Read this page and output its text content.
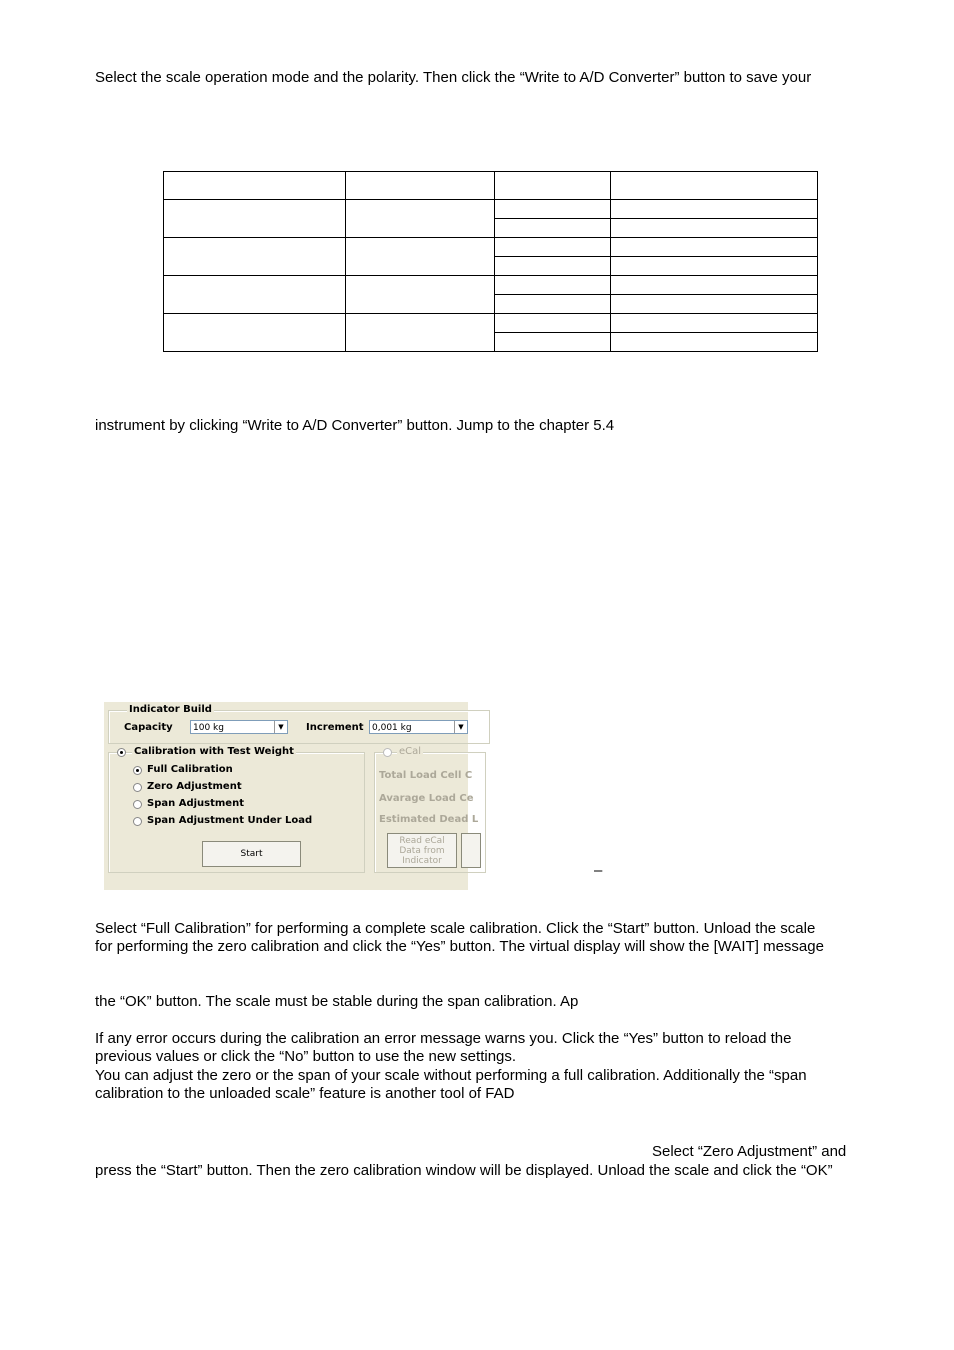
Select the scale operation mode and the polarity. Then click the “Write to A/D Converter” button to save your

instrument by clicking “Write to A/D Converter” button. Jump to the chapter 5.4
Indicator Build
Capacity	100 kg	▼	Increment 0,001 kg	▼
Calibration with Test Weight
Full Calibration
Zero Adjustment
Span Adjustment
Span Adjustment Under Load
Start
eCal
Total Load Cell C
Avarage Load Ce
Estimated Dead L
Read eCal
Data from
Indicator
–
Select “Full Calibration” for performing a complete scale calibration. Click the “Start” button. Unload the scale
for performing the zero calibration and click the “Yes” button. The virtual display will show the [WAIT] message
the “OK” button. The scale must be stable during the span calibration. Ap
If any error occurs during the calibration an error message warns you. Click the “Yes” button to reload the
previous values or click the “No” button to use the new settings.
You can adjust the zero or the span of your scale without performing a full calibration. Additionally the “span
calibration to the unloaded scale” feature is another tool of FAD
Select “Zero Adjustment” and
press the “Start” button. Then the zero calibration window will be displayed. Unload the scale and click the “OK”
